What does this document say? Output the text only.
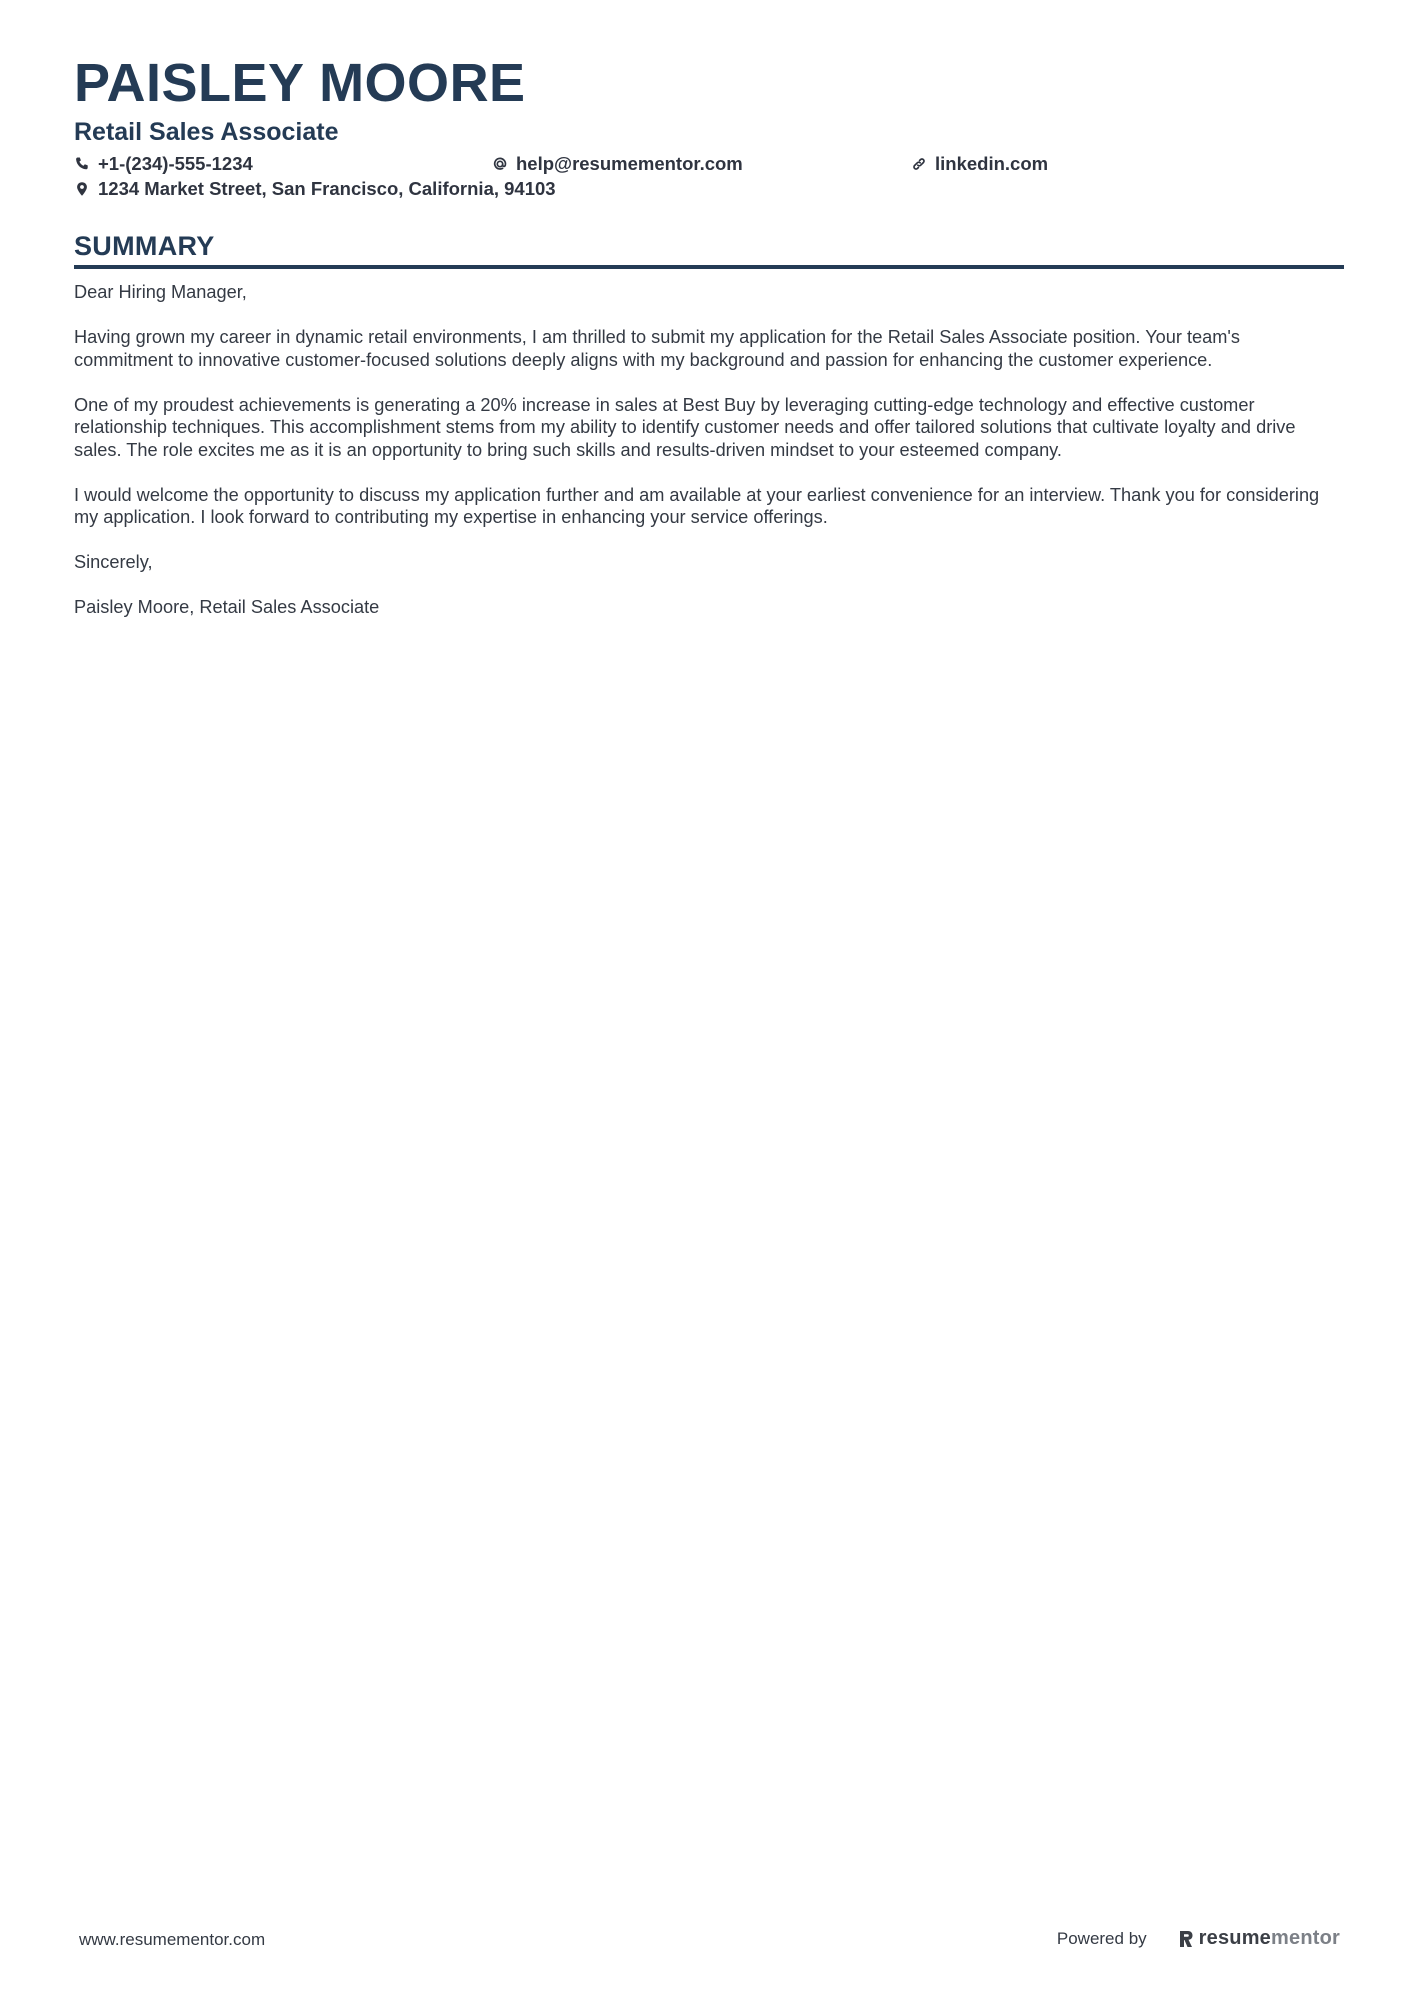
PAISLEY MOORE
Retail Sales Associate
+1-(234)-555-1234	help@resumementor.com	linkedin.com
1234 Market Street, San Francisco, California, 94103
SUMMARY

Dear Hiring Manager,

Having grown my career in dynamic retail environments, I am thrilled to submit my application for the Retail Sales Associate position. Your team's commitment to innovative customer-focused solutions deeply aligns with my background and passion for enhancing the customer experience.

One of my proudest achievements is generating a 20% increase in sales at Best Buy by leveraging cutting-edge technology and effective customer relationship techniques. This accomplishment stems from my ability to identify customer needs and offer tailored solutions that cultivate loyalty and drive sales. The role excites me as it is an opportunity to bring such skills and results-driven mindset to your esteemed company.

I would welcome the opportunity to discuss my application further and am available at your earliest convenience for an interview. Thank you for considering my application. I look forward to contributing my expertise in enhancing your service offerings.

Sincerely,

Paisley Moore, Retail Sales Associate

www.resumementor.com	Powered by	resume mentor
